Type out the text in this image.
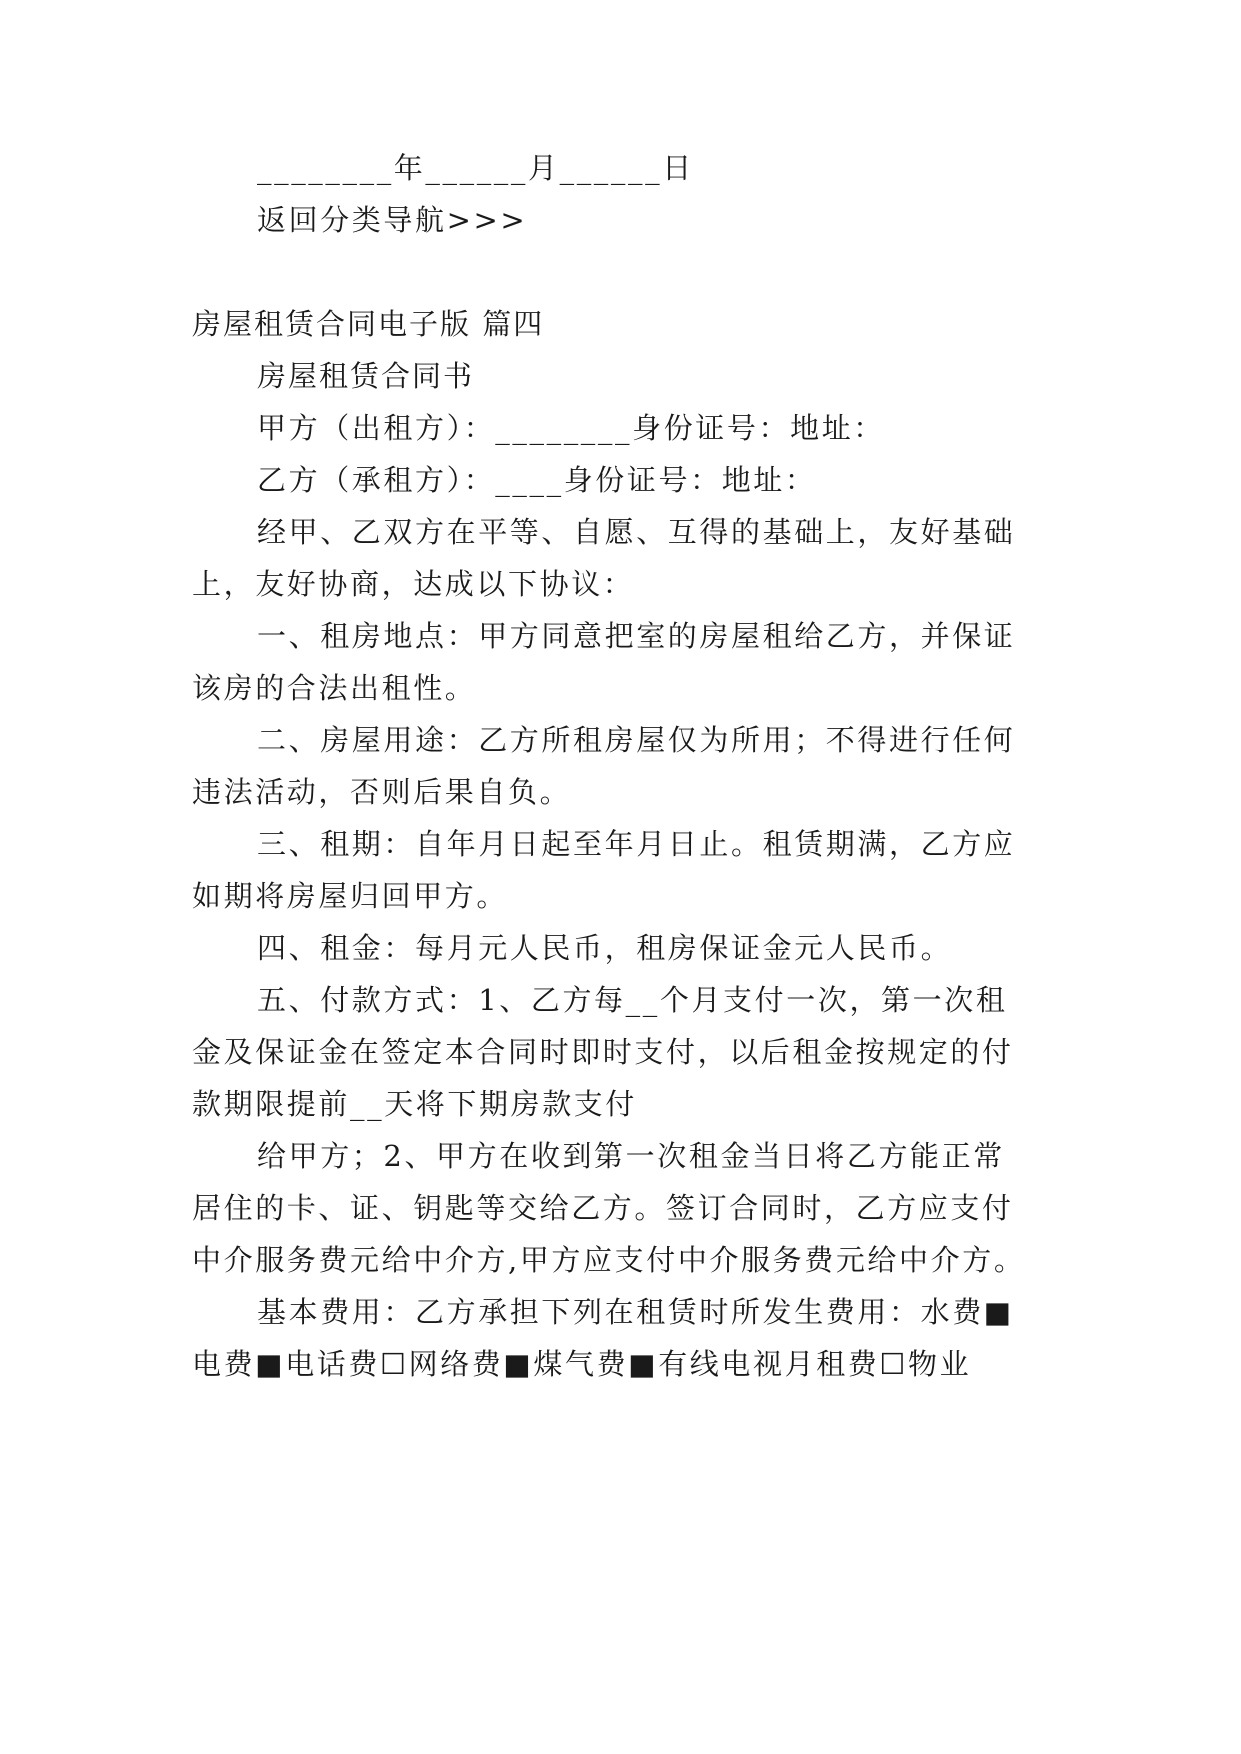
________年______月______日
返回分类导航>>>
房屋租赁合同电子版 篇四
房屋租赁合同书
甲方（出租方）：________身份证号：地址：
乙方（承租方）：____身份证号：地址：
经甲、乙双方在平等、自愿、互得的基础上，友好基础
上，友好协商，达成以下协议：
一、租房地点：甲方同意把室的房屋租给乙方，并保证
该房的合法出租性。
二、房屋用途：乙方所租房屋仅为所用；不得进行任何
违法活动，否则后果自负。
三、租期：自年月日起至年月日止。租赁期满，乙方应
如期将房屋归回甲方。
四、租金：每月元人民币，租房保证金元人民币。
五、付款方式：1、乙方每__个月支付一次，第一次租
金及保证金在签定本合同时即时支付，以后租金按规定的付
款期限提前__天将下期房款支付
给甲方；2、甲方在收到第一次租金当日将乙方能正常
居住的卡、证、钥匙等交给乙方。签订合同时，乙方应支付
中介服务费元给中介方,甲方应支付中介服务费元给中介方。
基本费用：乙方承担下列在租赁时所发生费用：水费■
电费■电话费☐网络费■煤气费■有线电视月租费☐物业
